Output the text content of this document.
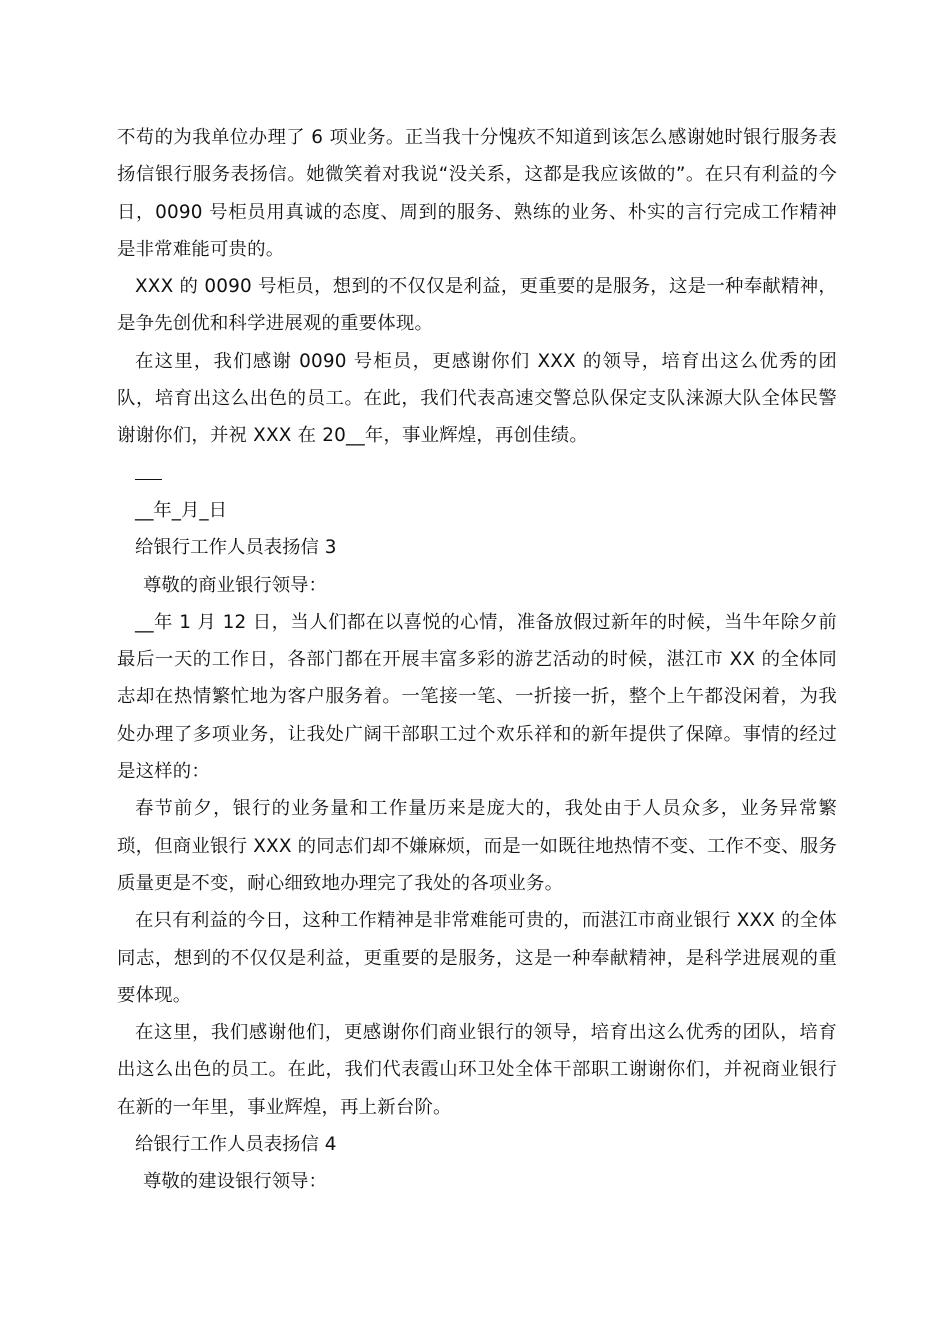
不苟的为我单位办理了 6 项业务。正当我十分愧疚不知道到该怎么感谢她时银行服务表扬信银行服务表扬信。她微笑着对我说“没关系，这都是我应该做的”。在只有利益的今日，0090 号柜员用真诚的态度、周到的服务、熟练的业务、朴实的言行完成工作精神是非常难能可贵的。

XXX 的 0090 号柜员，想到的不仅仅是利益，更重要的是服务，这是一种奉献精神，是争先创优和科学进展观的重要体现。

在这里，我们感谢 0090 号柜员，更感谢你们 XXX 的领导，培育出这么优秀的团队，培育出这么出色的员工。在此，我们代表高速交警总队保定支队涞源大队全体民警谢谢你们，并祝 XXX 在 20__年，事业辉煌，再创佳绩。

__年_月_日

给银行工作人员表扬信 3

尊敬的商业银行领导：

__年 1 月 12 日，当人们都在以喜悦的心情，准备放假过新年的时候，当牛年除夕前最后一天的工作日，各部门都在开展丰富多彩的游艺活动的时候，湛江市 XX 的全体同志却在热情繁忙地为客户服务着。一笔接一笔、一折接一折，整个上午都没闲着，为我处办理了多项业务，让我处广阔干部职工过个欢乐祥和的新年提供了保障。事情的经过是这样的：

春节前夕，银行的业务量和工作量历来是庞大的，我处由于人员众多，业务异常繁琐，但商业银行 XXX 的同志们却不嫌麻烦，而是一如既往地热情不变、工作不变、服务质量更是不变，耐心细致地办理完了我处的各项业务。

在只有利益的今日，这种工作精神是非常难能可贵的，而湛江市商业银行 XXX 的全体同志，想到的不仅仅是利益，更重要的是服务，这是一种奉献精神，是科学进展观的重要体现。

在这里，我们感谢他们，更感谢你们商业银行的领导，培育出这么优秀的团队，培育出这么出色的员工。在此，我们代表霞山环卫处全体干部职工谢谢你们，并祝商业银行在新的一年里，事业辉煌，再上新台阶。

给银行工作人员表扬信 4

尊敬的建设银行领导：
